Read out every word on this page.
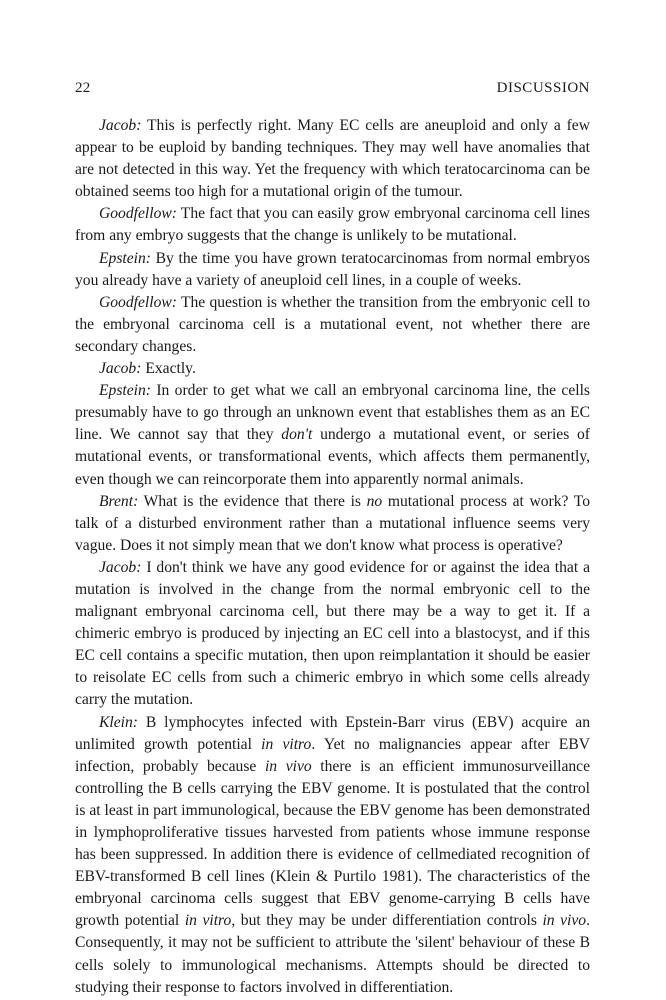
22	DISCUSSION

Jacob: This is perfectly right. Many EC cells are aneuploid and only a few appear to be euploid by banding techniques. They may well have anomalies that are not detected in this way. Yet the frequency with which teratocarcinoma can be obtained seems too high for a mutational origin of the tumour.

Goodfellow: The fact that you can easily grow embryonal carcinoma cell lines from any embryo suggests that the change is unlikely to be mutational.

Epstein: By the time you have grown teratocarcinomas from normal embryos you already have a variety of aneuploid cell lines, in a couple of weeks.

Goodfellow: The question is whether the transition from the embryonic cell to the embryonal carcinoma cell is a mutational event, not whether there are secondary changes.

Jacob: Exactly.

Epstein: In order to get what we call an embryonal carcinoma line, the cells presumably have to go through an unknown event that establishes them as an EC line. We cannot say that they don't undergo a mutational event, or series of mutational events, or transformational events, which affects them permanently, even though we can reincorporate them into apparently normal animals.

Brent: What is the evidence that there is no mutational process at work? To talk of a disturbed environment rather than a mutational influence seems very vague. Does it not simply mean that we don't know what process is operative?

Jacob: I don't think we have any good evidence for or against the idea that a mutation is involved in the change from the normal embryonic cell to the malignant embryonal carcinoma cell, but there may be a way to get it. If a chimeric embryo is produced by injecting an EC cell into a blastocyst, and if this EC cell contains a specific mutation, then upon reimplantation it should be easier to reisolate EC cells from such a chimeric embryo in which some cells already carry the mutation.

Klein: B lymphocytes infected with Epstein-Barr virus (EBV) acquire an unlimited growth potential in vitro. Yet no malignancies appear after EBV infection, probably because in vivo there is an efficient immunosurveillance controlling the B cells carrying the EBV genome. It is postulated that the control is at least in part immunological, because the EBV genome has been demonstrated in lymphoproliferative tissues harvested from patients whose immune response has been suppressed. In addition there is evidence of cellmediated recognition of EBV-transformed B cell lines (Klein & Purtilo 1981). The characteristics of the embryonal carcinoma cells suggest that EBV genome-carrying B cells have growth potential in vitro, but they may be under differentiation controls in vivo. Consequently, it may not be sufficient to attribute the 'silent' behaviour of these B cells solely to immunological mechanisms. Attempts should be directed to studying their response to factors involved in differentiation.
